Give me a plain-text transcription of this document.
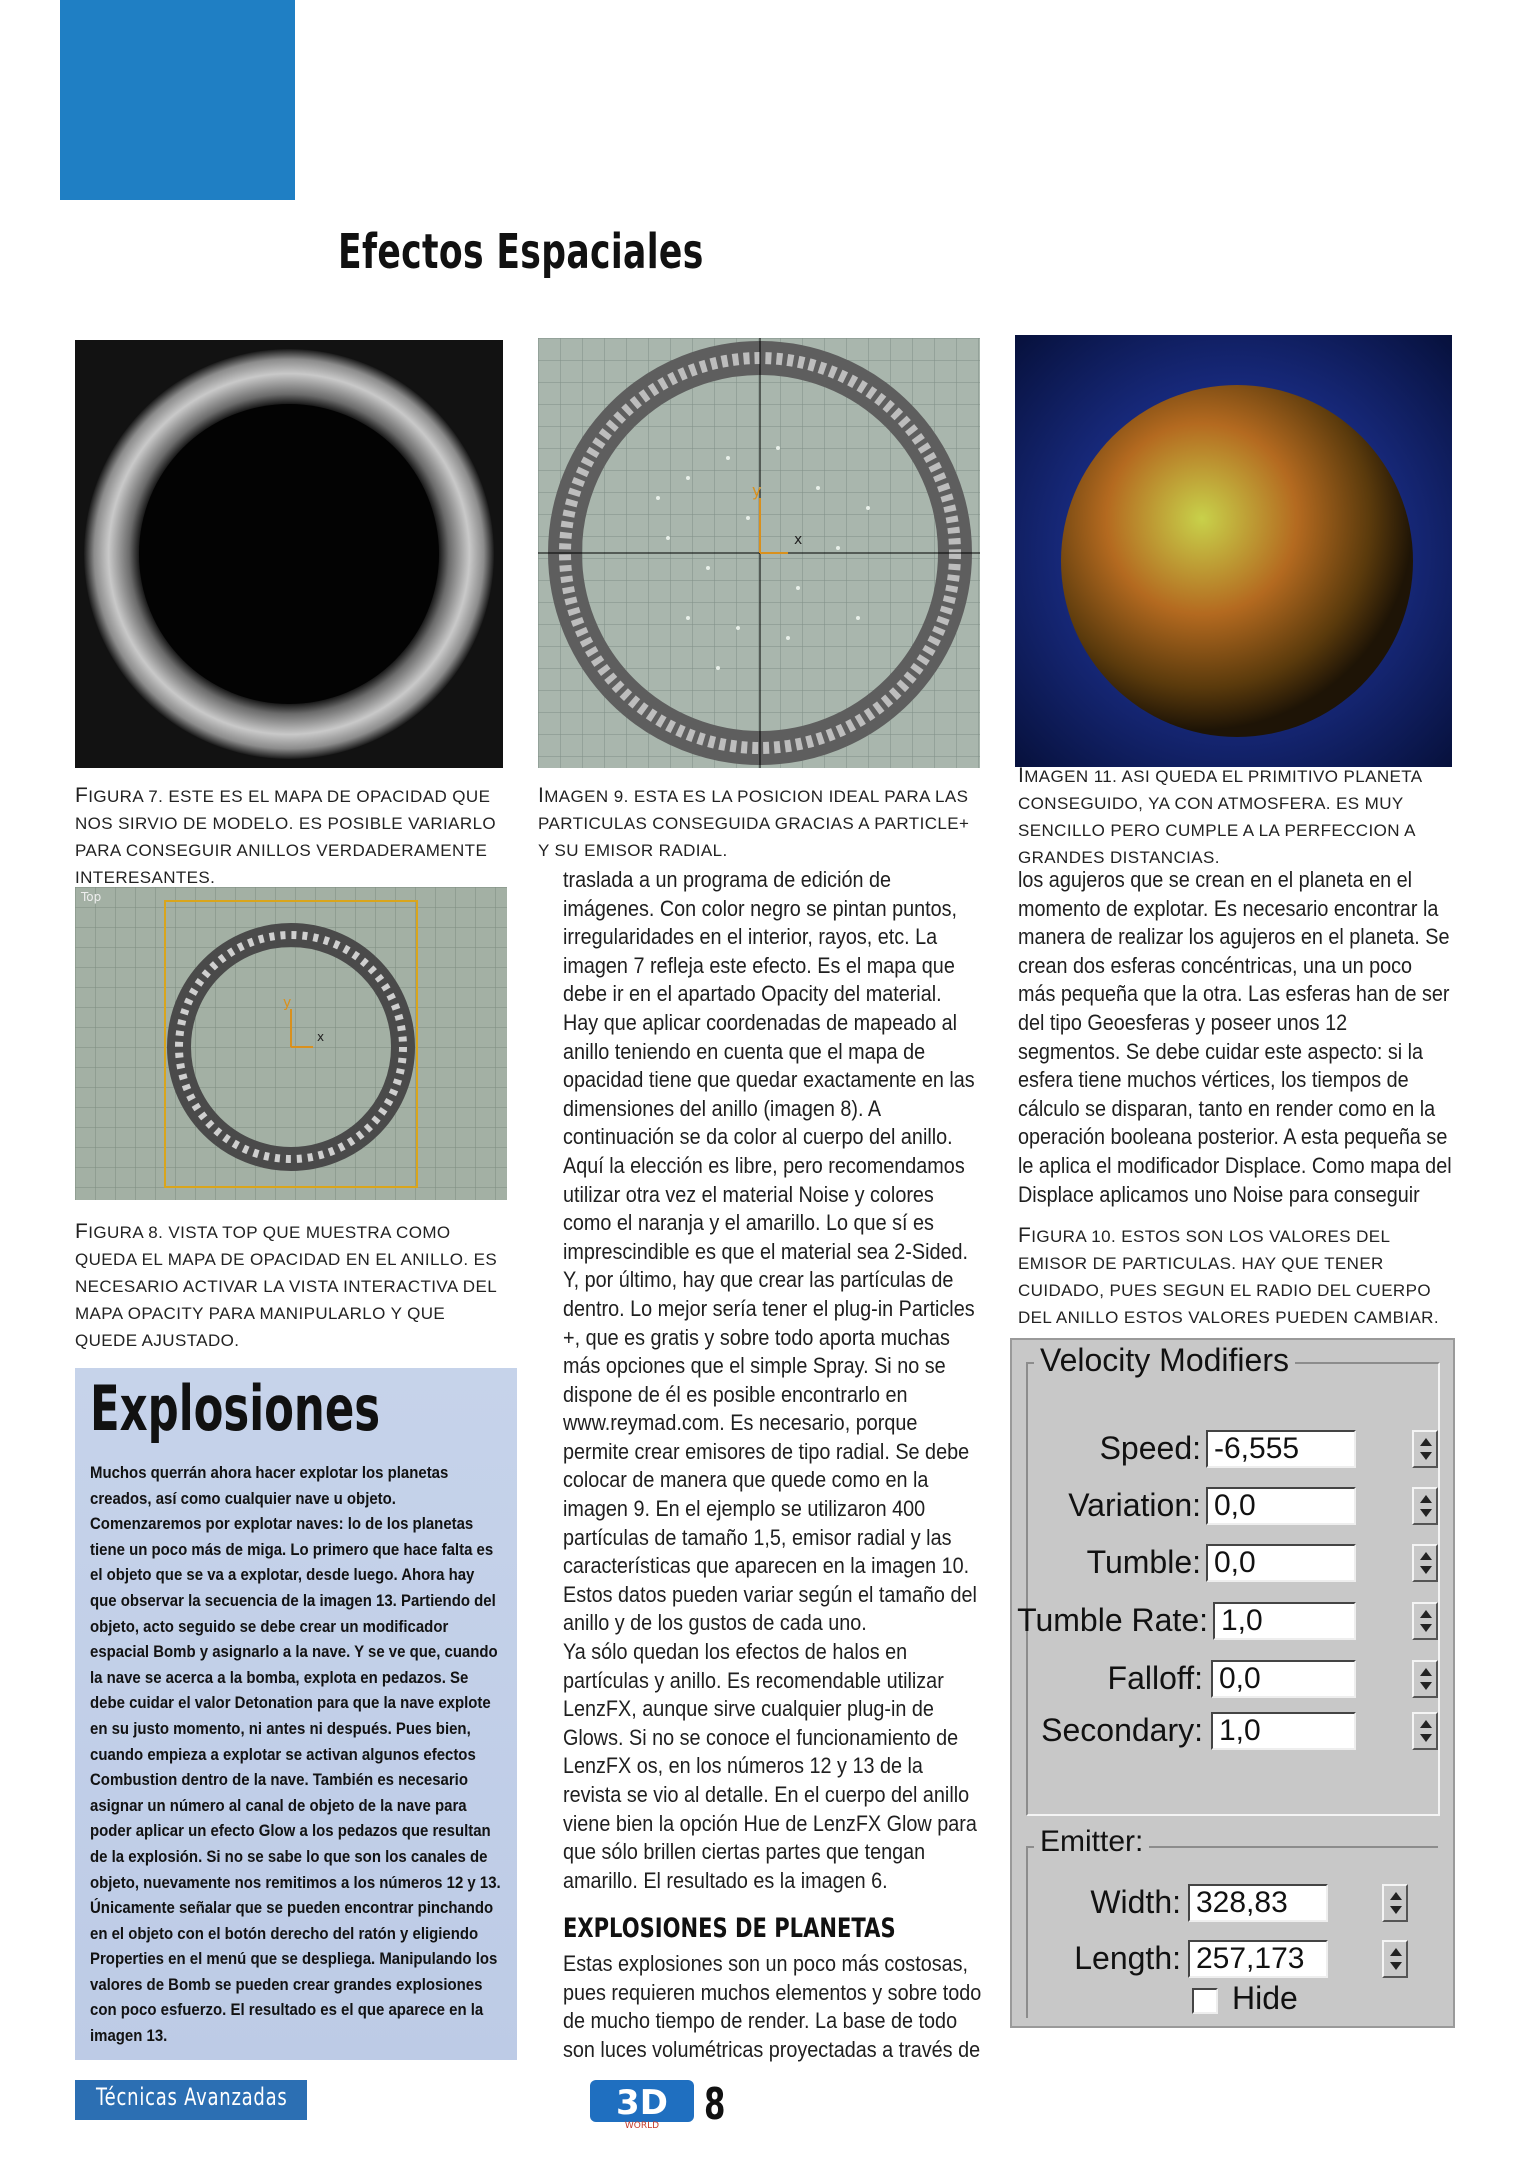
Efectos Espaciales
FIGURA 7. ESTE ES EL MAPA DE OPACIDAD QUE NOS SIRVIO DE MODELO. ES POSIBLE VARIARLO PARA CONSEGUIR ANILLOS VERDADERAMENTE INTERESANTES.
y
x
IMAGEN 9. ESTA ES LA POSICION IDEAL PARA LAS PARTICULAS CONSEGUIDA GRACIAS A PARTICLE+ Y SU EMISOR RADIAL.
IMAGEN 11. ASI QUEDA EL PRIMITIVO PLANETA CONSEGUIDO, YA CON ATMOSFERA. ES MUY SENCILLO PERO CUMPLE A LA PERFECCION A GRANDES DISTANCIAS.
Top
y
x
FIGURA 8. VISTA TOP QUE MUESTRA COMO QUEDA EL MAPA DE OPACIDAD EN EL ANILLO. ES NECESARIO ACTIVAR LA VISTA INTERACTIVA DEL MAPA OPACITY PARA MANIPULARLO Y QUE QUEDE AJUSTADO.
Explosiones

Muchos querrán ahora hacer explotar los planetas creados, así como cualquier nave u objeto. Comenzaremos por explotar naves: lo de los planetas tiene un poco más de miga. Lo primero que hace falta es el objeto que se va a explotar, desde luego. Ahora hay que observar la secuencia de la imagen 13. Partiendo del objeto, acto seguido se debe crear un modificador espacial Bomb y asignarlo a la nave. Y se ve que, cuando la nave se acerca a la bomba, explota en pedazos. Se debe cuidar el valor Detonation para que la nave explote en su justo momento, ni antes ni después. Pues bien, cuando empieza a explotar se activan algunos efectos Combustion dentro de la nave. También es necesario asignar un número al canal de objeto de la nave para poder aplicar un efecto Glow a los pedazos que resultan de la explosión. Si no se sabe lo que son los canales de objeto, nuevamente nos remitimos a los números 12 y 13. Únicamente señalar que se pueden encontrar pinchando en el objeto con el botón derecho del ratón y eligiendo Properties en el menú que se despliega. Manipulando los valores de Bomb se pueden crear grandes explosiones con poco esfuerzo. El resultado es el que aparece en la imagen 13.

traslada a un programa de edición de imágenes. Con color negro se pintan puntos, irregularidades en el interior, rayos, etc. La imagen 7 refleja este efecto. Es el mapa que debe ir en el apartado Opacity del material. Hay que aplicar coordenadas de mapeado al anillo teniendo en cuenta que el mapa de opacidad tiene que quedar exactamente en las dimensiones del anillo (imagen 8). A continuación se da color al cuerpo del anillo. Aquí la elección es libre, pero recomendamos utilizar otra vez el material Noise y colores como el naranja y el amarillo. Lo que sí es imprescindible es que el material sea 2-Sided. Y, por último, hay que crear las partículas de dentro. Lo mejor sería tener el plug-in Particles +, que es gratis y sobre todo aporta muchas más opciones que el simple Spray. Si no se dispone de él es posible encontrarlo en www.reymad.com. Es necesario, porque permite crear emisores de tipo radial. Se debe colocar de manera que quede como en la imagen 9. En el ejemplo se utilizaron 400 partículas de tamaño 1,5, emisor radial y las características que aparecen en la imagen 10. Estos datos pueden variar según el tamaño del anillo y de los gustos de cada uno.

Ya sólo quedan los efectos de halos en partículas y anillo. Es recomendable utilizar LenzFX, aunque sirve cualquier plug-in de Glows. Si no se conoce el funcionamiento de LenzFX os, en los números 12 y 13 de la revista se vio al detalle. En el cuerpo del anillo viene bien la opción Hue de LenzFX Glow para que sólo brillen ciertas partes que tengan amarillo. El resultado es la imagen 6.

EXPLOSIONES DE PLANETAS

Estas explosiones son un poco más costosas, pues requieren muchos elementos y sobre todo de mucho tiempo de render. La base de todo son luces volumétricas proyectadas a través de

los agujeros que se crean en el planeta en el momento de explotar. Es necesario encontrar la manera de realizar los agujeros en el planeta. Se crean dos esferas concéntricas, una un poco más pequeña que la otra. Las esferas han de ser del tipo Geoesferas y poseer unos 12 segmentos. Se debe cuidar este aspecto: si la esfera tiene muchos vértices, los tiempos de cálculo se disparan, tanto en render como en la operación booleana posterior. A esta pequeña se le aplica el modificador Displace. Como mapa del Displace aplicamos uno Noise para conseguir

FIGURA 10. ESTOS SON LOS VALORES DEL EMISOR DE PARTICULAS. HAY QUE TENER CUIDADO, PUES SEGUN EL RADIO DEL CUERPO DEL ANILLO ESTOS VALORES PUEDEN CAMBIAR.
Velocity Modifiers
Speed: -6,555
Variation: 0,0
Tumble: 0,0
Tumble Rate: 1,0
Falloff: 0,0
Secondary: 1,0
Emitter:
Width: 328,83
Length: 257,173
Hide
Técnicas Avanzadas	3D
WORLD 8
